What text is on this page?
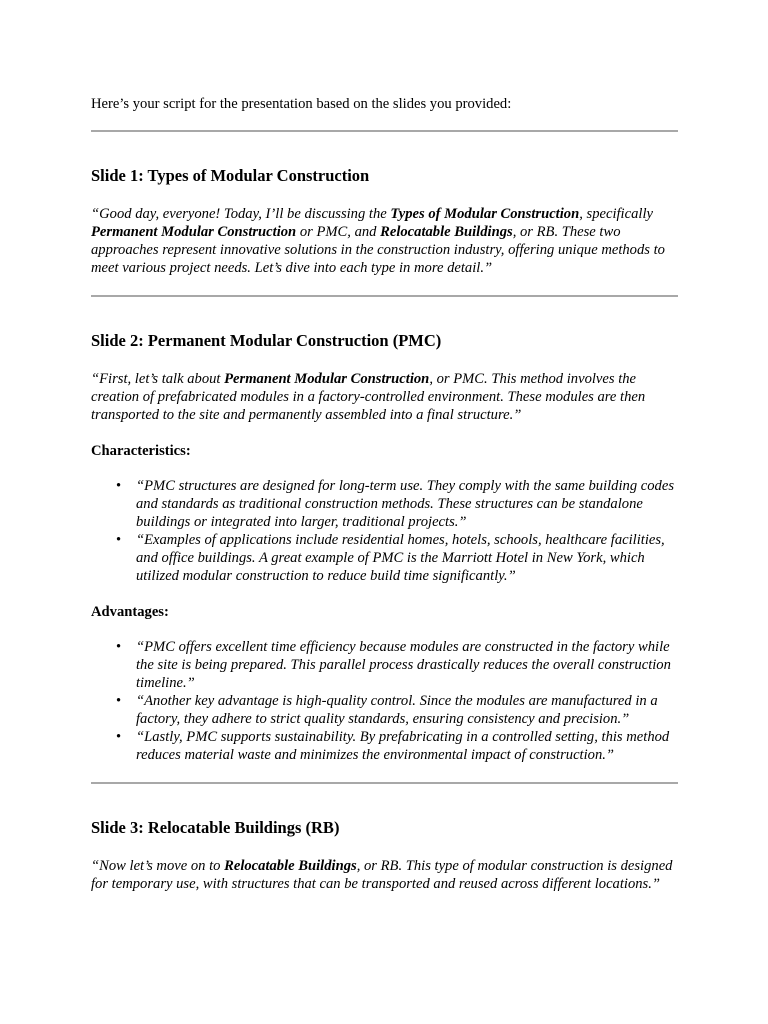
Here’s your script for the presentation based on the slides you provided:

Slide 1: Types of Modular Construction

“Good day, everyone! Today, I’ll be discussing the Types of Modular Construction, specifically Permanent Modular Construction or PMC, and Relocatable Buildings, or RB. These two approaches represent innovative solutions in the construction industry, offering unique methods to meet various project needs. Let’s dive into each type in more detail.”

Slide 2: Permanent Modular Construction (PMC)

“First, let’s talk about Permanent Modular Construction, or PMC. This method involves the creation of prefabricated modules in a factory-controlled environment. These modules are then transported to the site and permanently assembled into a final structure.”

Characteristics:
• “PMC structures are designed for long-term use. They comply with the same building codes and standards as traditional construction methods. These structures can be standalone buildings or integrated into larger, traditional projects.”
• “Examples of applications include residential homes, hotels, schools, healthcare facilities, and office buildings. A great example of PMC is the Marriott Hotel in New York, which utilized modular construction to reduce build time significantly.”
Advantages:
• “PMC offers excellent time efficiency because modules are constructed in the factory while the site is being prepared. This parallel process drastically reduces the overall construction timeline.”
• “Another key advantage is high-quality control. Since the modules are manufactured in a factory, they adhere to strict quality standards, ensuring consistency and precision.”
• “Lastly, PMC supports sustainability. By prefabricating in a controlled setting, this method reduces material waste and minimizes the environmental impact of construction.”
Slide 3: Relocatable Buildings (RB)

“Now let’s move on to Relocatable Buildings, or RB. This type of modular construction is designed for temporary use, with structures that can be transported and reused across different locations.”
